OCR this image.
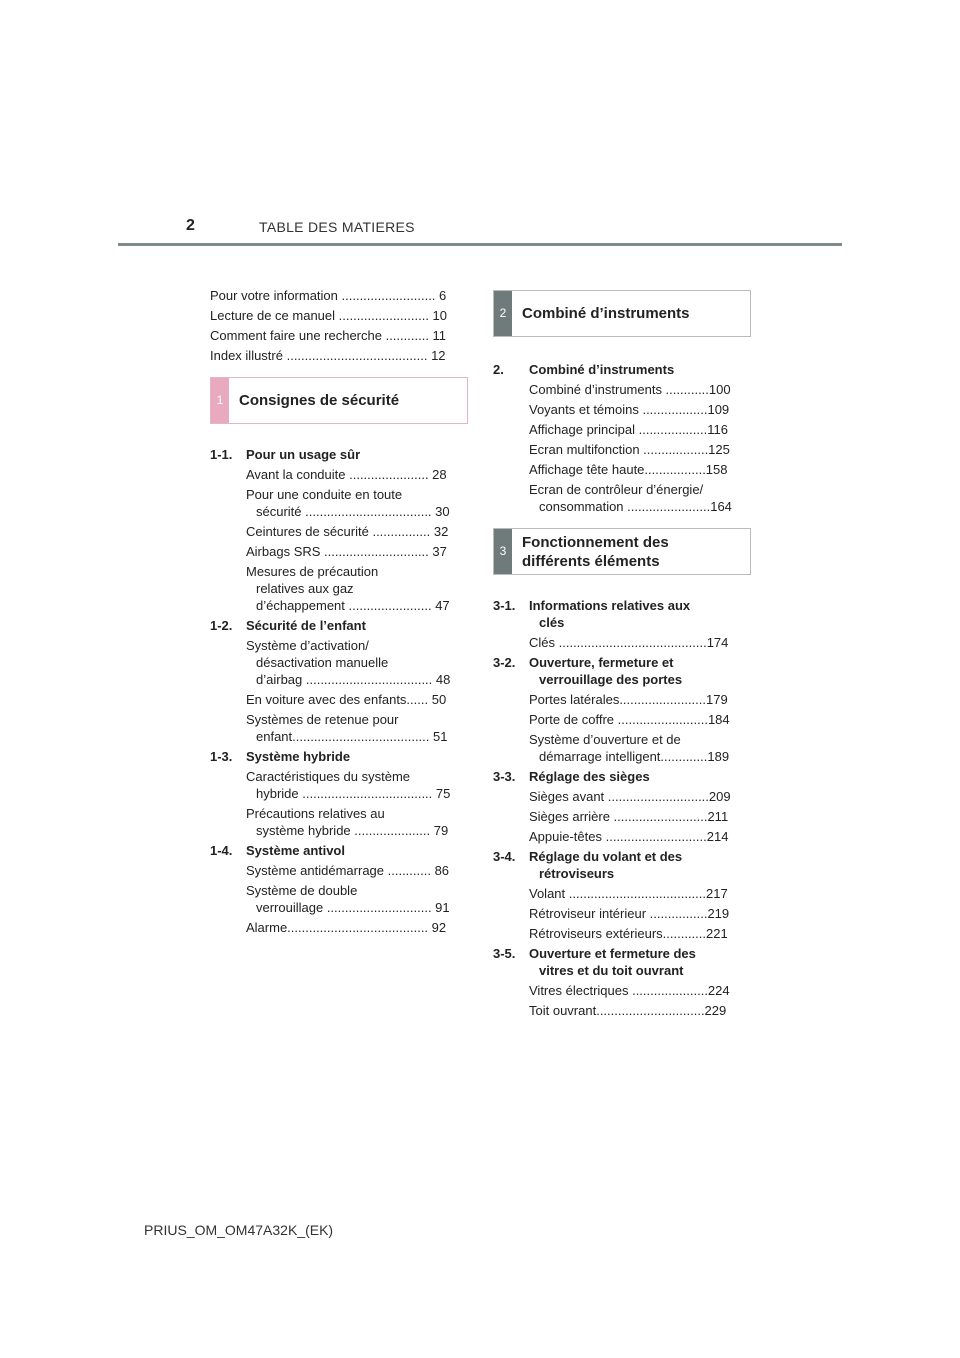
2	TABLE DES MATIERES
Pour votre information .......................... 6
Lecture de ce manuel ......................... 10
Comment faire une recherche ............ 11
Index illustré ....................................... 12
1	Consignes de sécurité
1-1.	Pour un usage sûr
Avant la conduite ...................... 28
Pour une conduite en toute
sécurité ................................... 30
Ceintures de sécurité ................ 32
Airbags SRS ............................. 37
Mesures de précaution
relatives aux gaz
d’échappement ....................... 47
1-2.	Sécurité de l’enfant
Système d’activation/
désactivation manuelle
d’airbag ................................... 48
En voiture avec des enfants...... 50
Systèmes de retenue pour
enfant...................................... 51
1-3.	Système hybride
Caractéristiques du système
hybride .................................... 75
Précautions relatives au
système hybride ..................... 79
1-4.	Système antivol
Système antidémarrage ............ 86
Système de double
verrouillage ............................. 91
Alarme....................................... 92
2	Combiné d’instruments
2.	Combiné d’instruments
Combiné d’instruments ............100
Voyants et témoins ..................109
Affichage principal ...................116
Ecran multifonction ..................125
Affichage tête haute.................158
Ecran de contrôleur d’énergie/
consommation .......................164
3
Fonctionnement des
différents éléments
3-1.	Informations relatives aux
clés
Clés .........................................174
3-2.	Ouverture, fermeture et
verrouillage des portes
Portes latérales........................179
Porte de coffre .........................184
Système d’ouverture et de
démarrage intelligent.............189
3-3.	Réglage des sièges
Sièges avant ............................209
Sièges arrière ..........................211
Appuie-têtes ............................214
3-4.	Réglage du volant et des
rétroviseurs
Volant ......................................217
Rétroviseur intérieur ................219
Rétroviseurs extérieurs............221
3-5.	Ouverture et fermeture des
vitres et du toit ouvrant
Vitres électriques .....................224
Toit ouvrant..............................229
PRIUS_OM_OM47A32K_(EK)
